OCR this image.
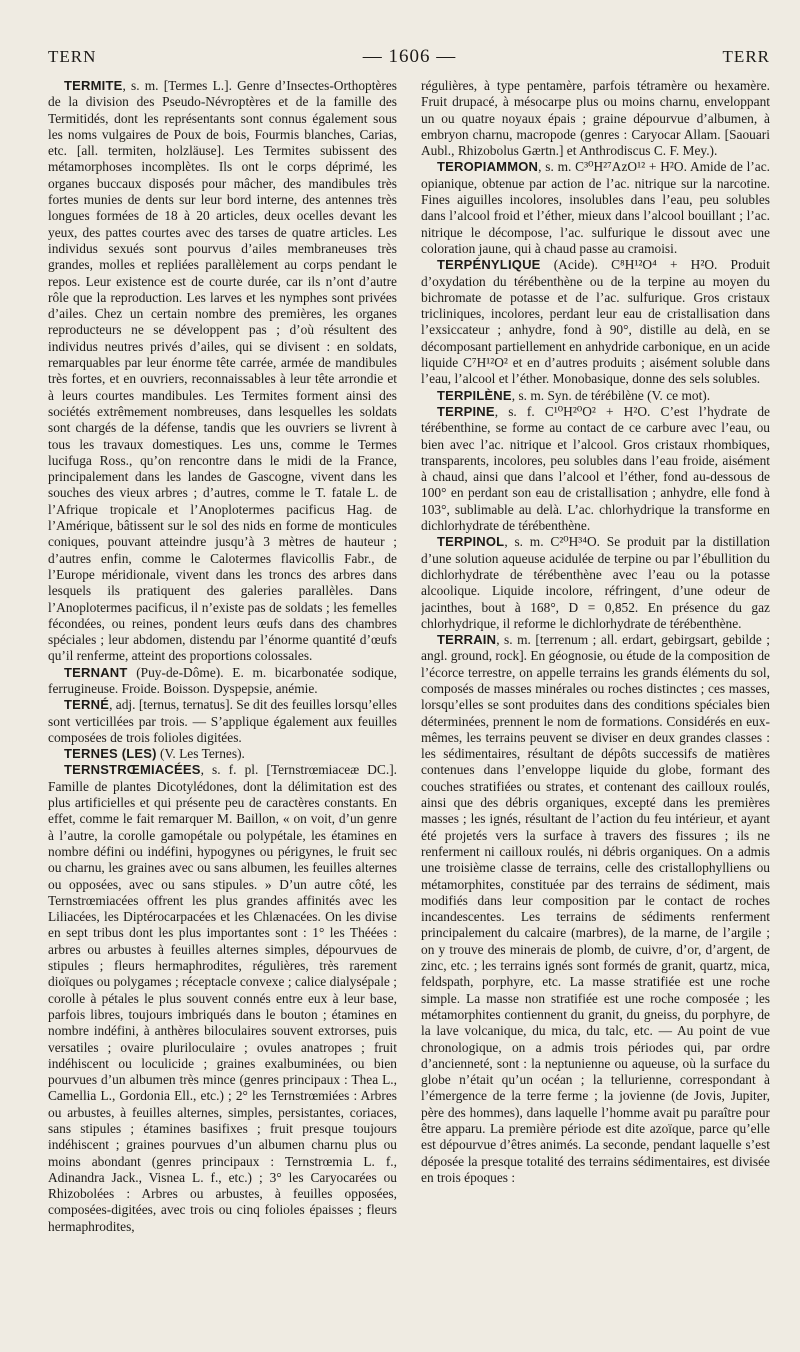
TERN	— 1606 —	TERR

TERMITE, s. m. [Termes L.]. Genre d’Insectes-Orthoptères de la division des Pseudo-Névroptères et de la famille des Termitidés, dont les représentants sont connus également sous les noms vulgaires de Poux de bois, Fourmis blanches, Carias, etc. [all. termiten, holzläuse]. Les Termites subissent des métamorphoses incomplètes. Ils ont le corps déprimé, les organes buccaux disposés pour mâcher, des mandibules très fortes munies de dents sur leur bord interne, des antennes très longues formées de 18 à 20 articles, deux ocelles devant les yeux, des pattes courtes avec des tarses de quatre articles. Les individus sexués sont pourvus d’ailes membraneuses très grandes, molles et repliées parallèlement au corps pendant le repos. Leur existence est de courte durée, car ils n’ont d’autre rôle que la reproduction. Les larves et les nymphes sont privées d’ailes. Chez un certain nombre des premières, les organes reproducteurs ne se développent pas ; d’où résultent des individus neutres privés d’ailes, qui se divisent : en soldats, remarquables par leur énorme tête carrée, armée de mandibules très fortes, et en ouvriers, reconnaissables à leur tête arrondie et à leurs courtes mandibules. Les Termites forment ainsi des sociétés extrêmement nombreuses, dans lesquelles les soldats sont chargés de la défense, tandis que les ouvriers se livrent à tous les travaux domestiques. Les uns, comme le Termes lucifuga Ross., qu’on rencontre dans le midi de la France, principalement dans les landes de Gascogne, vivent dans les souches des vieux arbres ; d’autres, comme le T. fatale L. de l’Afrique tropicale et l’Anoplotermes pacificus Hag. de l’Amérique, bâtissent sur le sol des nids en forme de monticules coniques, pouvant atteindre jusqu’à 3 mètres de hauteur ; d’autres enfin, comme le Calotermes flavicollis Fabr., de l’Europe méridionale, vivent dans les troncs des arbres dans lesquels ils pratiquent des galeries parallèles. Dans l’Anoplotermes pacificus, il n’existe pas de soldats ; les femelles fécondées, ou reines, pondent leurs œufs dans des chambres spéciales ; leur abdomen, distendu par l’énorme quantité d’œufs qu’il renferme, atteint des proportions colossales.

TERNANT (Puy-de-Dôme). E. m. bicarbonatée sodique, ferrugineuse. Froide. Boisson. Dyspepsie, anémie.

TERNÉ, adj. [ternus, ternatus]. Se dit des feuilles lorsqu’elles sont verticillées par trois. — S’applique également aux feuilles composées de trois folioles digitées.

TERNES (LES) (V. Les Ternes).

TERNSTRŒMIACÉES, s. f. pl. [Ternstrœmiaceæ DC.]. Famille de plantes Dicotylédones, dont la délimitation est des plus artificielles et qui présente peu de caractères constants. En effet, comme le fait remarquer M. Baillon, « on voit, d’un genre à l’autre, la corolle gamopétale ou polypétale, les étamines en nombre défini ou indéfini, hypogynes ou périgynes, le fruit sec ou charnu, les graines avec ou sans albumen, les feuilles alternes ou opposées, avec ou sans stipules. » D’un autre côté, les Ternstrœmiacées offrent les plus grandes affinités avec les Liliacées, les Diptérocarpacées et les Chlænacées. On les divise en sept tribus dont les plus importantes sont : 1° les Théées : arbres ou arbustes à feuilles alternes simples, dépourvues de stipules ; fleurs hermaphrodites, régulières, très rarement dioïques ou polygames ; réceptacle convexe ; calice dialysépale ; corolle à pétales le plus souvent connés entre eux à leur base, parfois libres, toujours imbriqués dans le bouton ; étamines en nombre indéfini, à anthères biloculaires souvent extrorses, puis versatiles ; ovaire pluriloculaire ; ovules anatropes ; fruit indéhiscent ou loculicide ; graines exalbuminées, ou bien pourvues d’un albumen très mince (genres principaux : Thea L., Camellia L., Gordonia Ell., etc.) ; 2° les Ternstrœmiées : Arbres ou arbustes, à feuilles alternes, simples, persistantes, coriaces, sans stipules ; étamines basifixes ; fruit presque toujours indéhiscent ; graines pourvues d’un albumen charnu plus ou moins abondant (genres principaux : Ternstrœmia L. f., Adinandra Jack., Visnea L. f., etc.) ; 3° les Caryocarées ou Rhizobolées : Arbres ou arbustes, à feuilles opposées, composées-digitées, avec trois ou cinq folioles épaisses ; fleurs hermaphrodites,

régulières, à type pentamère, parfois tétramère ou hexamère. Fruit drupacé, à mésocarpe plus ou moins charnu, enveloppant un ou quatre noyaux épais ; graine dépourvue d’albumen, à embryon charnu, macropode (genres : Caryocar Allam. [Saouari Aubl., Rhizobolus Gærtn.] et Anthrodiscus C. F. Mey.).

TEROPIAMMON, s. m. C³⁰H²⁷AzO¹² + H²O. Amide de l’ac. opianique, obtenue par action de l’ac. nitrique sur la narcotine. Fines aiguilles incolores, insolubles dans l’eau, peu solubles dans l’alcool froid et l’éther, mieux dans l’alcool bouillant ; l’ac. nitrique le décompose, l’ac. sulfurique le dissout avec une coloration jaune, qui à chaud passe au cramoisi.

TERPÉNYLIQUE (Acide). C⁸H¹²O⁴ + H²O. Produit d’oxydation du térébenthène ou de la terpine au moyen du bichromate de potasse et de l’ac. sulfurique. Gros cristaux tricliniques, incolores, perdant leur eau de cristallisation dans l’exsiccateur ; anhydre, fond à 90°, distille au delà, en se décomposant partiellement en anhydride carbonique, en un acide liquide C⁷H¹²O² et en d’autres produits ; aisément soluble dans l’eau, l’alcool et l’éther. Monobasique, donne des sels solubles.

TERPILÈNE, s. m. Syn. de térébilène (V. ce mot).

TERPINE, s. f. C¹⁰H²⁰O² + H²O. C’est l’hydrate de térébenthine, se forme au contact de ce carbure avec l’eau, ou bien avec l’ac. nitrique et l’alcool. Gros cristaux rhombiques, transparents, incolores, peu solubles dans l’eau froide, aisément à chaud, ainsi que dans l’alcool et l’éther, fond au-dessous de 100° en perdant son eau de cristallisation ; anhydre, elle fond à 103°, sublimable au delà. L’ac. chlorhydrique la transforme en dichlorhydrate de térébenthène.

TERPINOL, s. m. C²⁰H³⁴O. Se produit par la distillation d’une solution aqueuse acidulée de terpine ou par l’ébullition du dichlorhydrate de térébenthène avec l’eau ou la potasse alcoolique. Liquide incolore, réfringent, d’une odeur de jacinthes, bout à 168°, D = 0,852. En présence du gaz chlorhydrique, il reforme le dichlorhydrate de térébenthène.

TERRAIN, s. m. [terrenum ; all. erdart, gebirgsart, gebilde ; angl. ground, rock]. En géognosie, ou étude de la composition de l’écorce terrestre, on appelle terrains les grands éléments du sol, composés de masses minérales ou roches distinctes ; ces masses, lorsqu’elles se sont produites dans des conditions spéciales bien déterminées, prennent le nom de formations. Considérés en eux-mêmes, les terrains peuvent se diviser en deux grandes classes : les sédimentaires, résultant de dépôts successifs de matières contenues dans l’enveloppe liquide du globe, formant des couches stratifiées ou strates, et contenant des cailloux roulés, ainsi que des débris organiques, excepté dans les premières masses ; les ignés, résultant de l’action du feu intérieur, et ayant été projetés vers la surface à travers des fissures ; ils ne renferment ni cailloux roulés, ni débris organiques. On a admis une troisième classe de terrains, celle des cristallophylliens ou métamorphites, constituée par des terrains de sédiment, mais modifiés dans leur composition par le contact de roches incandescentes. Les terrains de sédiments renferment principalement du calcaire (marbres), de la marne, de l’argile ; on y trouve des minerais de plomb, de cuivre, d’or, d’argent, de zinc, etc. ; les terrains ignés sont formés de granit, quartz, mica, feldspath, porphyre, etc. La masse stratifiée est une roche simple. La masse non stratifiée est une roche composée ; les métamorphites contiennent du granit, du gneiss, du porphyre, de la lave volcanique, du mica, du talc, etc. — Au point de vue chronologique, on a admis trois périodes qui, par ordre d’ancienneté, sont : la neptunienne ou aqueuse, où la surface du globe n’était qu’un océan ; la tellurienne, correspondant à l’émergence de la terre ferme ; la jovienne (de Jovis, Jupiter, père des hommes), dans laquelle l’homme avait pu paraître pour être apparu. La première période est dite azoïque, parce qu’elle est dépourvue d’êtres animés. La seconde, pendant laquelle s’est déposée la presque totalité des terrains sédimentaires, est divisée en trois époques :
